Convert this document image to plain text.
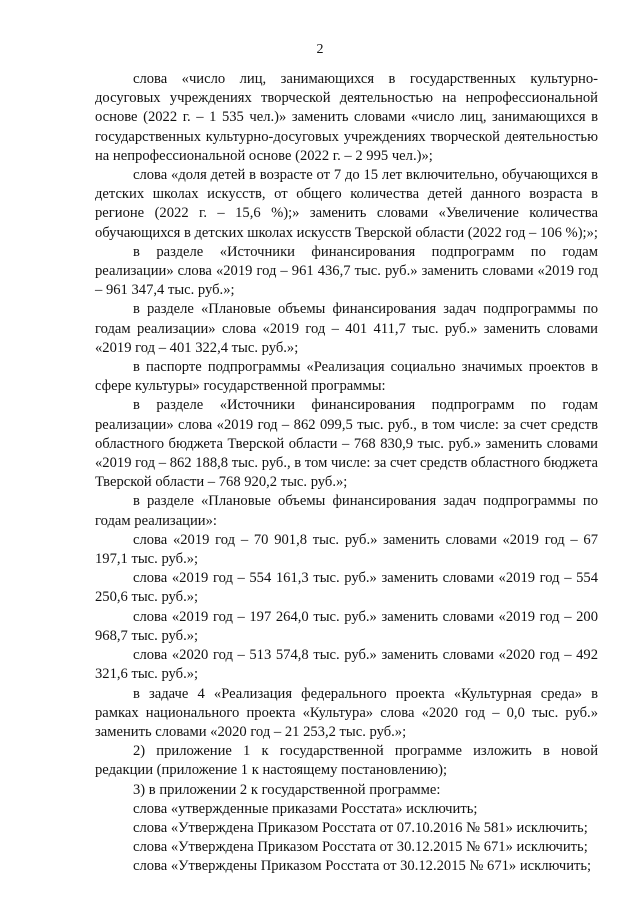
2

слова «число лиц, занимающихся в государственных культурно-досуговых учреждениях творческой деятельностью на непрофессиональной основе (2022 г. – 1 535 чел.)» заменить словами «число лиц, занимающихся в государственных культурно-досуговых учреждениях творческой деятельностью на непрофессиональной основе (2022 г. – 2 995 чел.)»;

слова «доля детей в возрасте от 7 до 15 лет включительно, обучающихся в детских школах искусств, от общего количества детей данного возраста в регионе (2022 г. – 15,6 %);» заменить словами «Увеличение количества обучающихся в детских школах искусств Тверской области (2022 год – 106 %);»;

в разделе «Источники финансирования подпрограмм по годам реализации» слова «2019 год – 961 436,7 тыс. руб.» заменить словами «2019 год – 961 347,4 тыс. руб.»;

в разделе «Плановые объемы финансирования задач подпрограммы по годам реализации» слова «2019 год – 401 411,7 тыс. руб.» заменить словами «2019 год – 401 322,4 тыс. руб.»;

в паспорте подпрограммы «Реализация социально значимых проектов в сфере культуры» государственной программы:

в разделе «Источники финансирования подпрограмм по годам реализации» слова «2019 год – 862 099,5 тыс. руб., в том числе: за счет средств областного бюджета Тверской области – 768 830,9 тыс. руб.» заменить словами «2019 год – 862 188,8 тыс. руб., в том числе: за счет средств областного бюджета Тверской области – 768 920,2 тыс. руб.»;

в разделе «Плановые объемы финансирования задач подпрограммы по годам реализации»:

слова «2019 год – 70 901,8 тыс. руб.» заменить словами «2019 год – 67 197,1 тыс. руб.»;

слова «2019 год – 554 161,3 тыс. руб.» заменить словами «2019 год – 554 250,6 тыс. руб.»;

слова «2019 год – 197 264,0 тыс. руб.» заменить словами «2019 год – 200 968,7 тыс. руб.»;

слова «2020 год – 513 574,8 тыс. руб.» заменить словами «2020 год – 492 321,6 тыс. руб.»;

в задаче 4 «Реализация федерального проекта «Культурная среда» в рамках национального проекта «Культура» слова «2020 год – 0,0 тыс. руб.» заменить словами «2020 год – 21 253,2 тыс. руб.»;

2) приложение 1 к государственной программе изложить в новой редакции (приложение 1 к настоящему постановлению);

3) в приложении 2 к государственной программе:

слова «утвержденные приказами Росстата» исключить;

слова «Утверждена Приказом Росстата от 07.10.2016 № 581» исключить;

слова «Утверждена Приказом Росстата от 30.12.2015 № 671» исключить;

слова «Утверждены Приказом Росстата от 30.12.2015 № 671» исключить;
